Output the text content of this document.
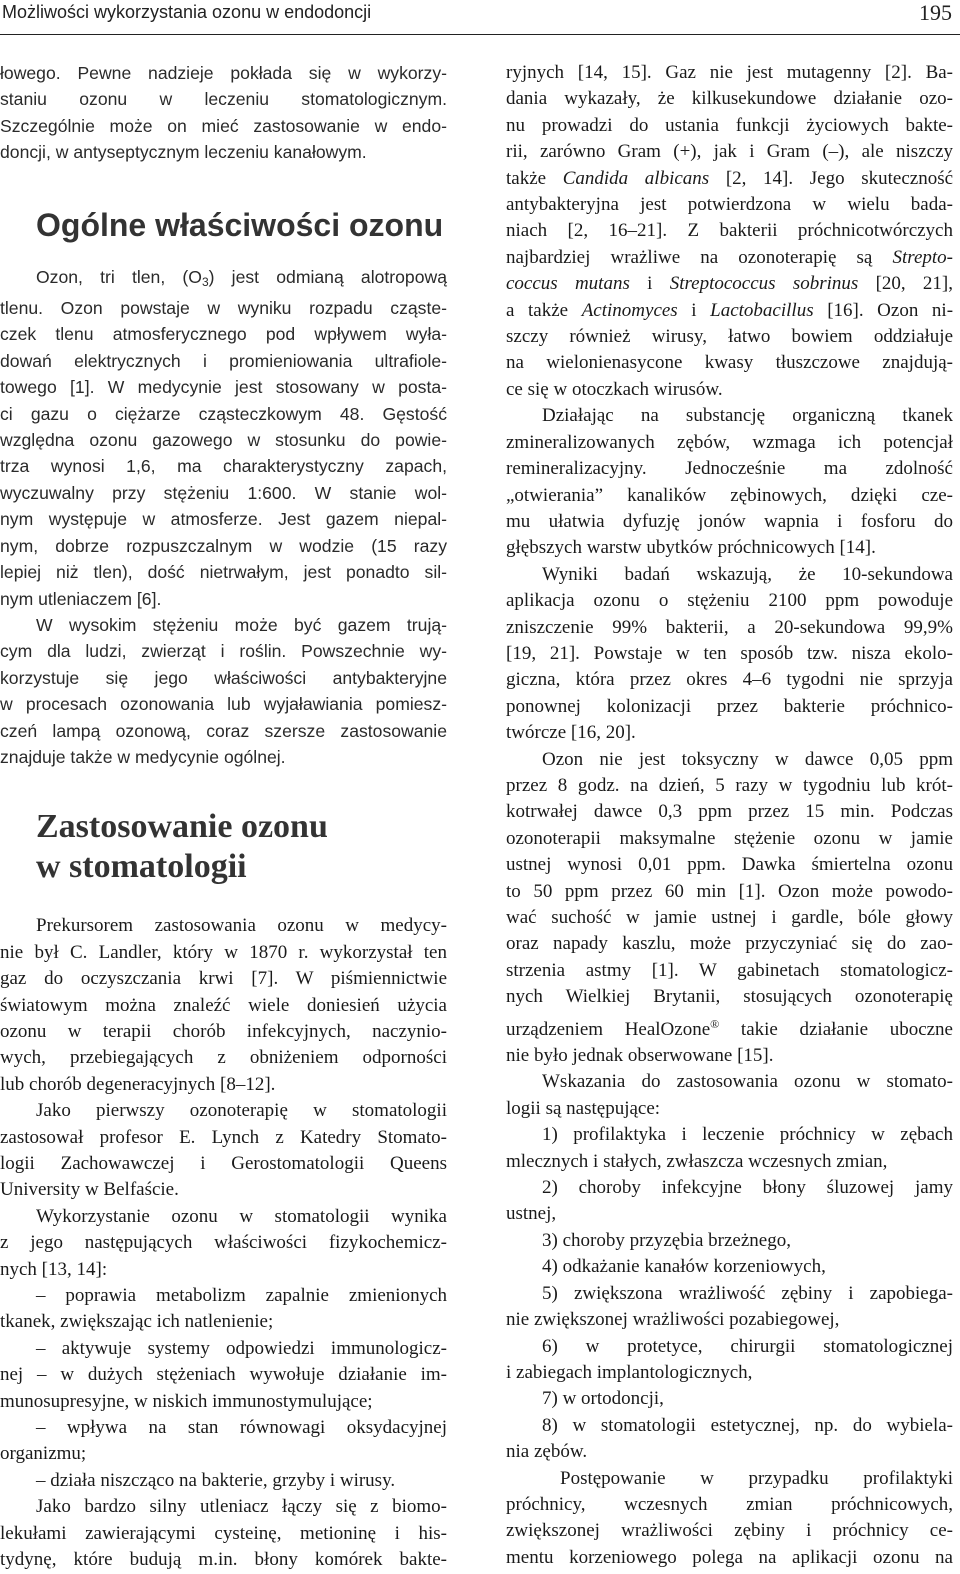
Możliwości wykorzystania ozonu w endodoncji	195
łowego. Pewne nadzieje pokłada się w wykorzy-
staniu ozonu w leczeniu stomatologicznym.
Szczególnie może on mieć zastosowanie w endo-
doncji, w antyseptycznym leczeniu kanałowym.
Ogólne właściwości ozonu
Ozon, tri tlen, $(O_3)$ jest odmianą alotropową
tlenu. Ozon powstaje w wyniku rozpadu cząste-
czek tlenu atmosferycznego pod wpływem wyła-
dowań elektrycznych i promieniowania ultrafiole-
towego [1]. W medycynie jest stosowany w posta-
ci gazu o ciężarze cząsteczkowym 48. Gęstość
względna ozonu gazowego w stosunku do powie-
trza wynosi 1,6, ma charakterystyczny zapach,
wyczuwalny przy stężeniu 1:600. W stanie wol-
nym występuje w atmosferze. Jest gazem niepal-
nym, dobrze rozpuszczalnym w wodzie (15 razy
lepiej niż tlen), dość nietrwałym, jest ponadto sil-
nym utleniaczem [6].
W wysokim stężeniu może być gazem trują-
cym dla ludzi, zwierząt i roślin. Powszechnie wy-
korzystuje się jego właściwości antybakteryjne
w procesach ozonowania lub wyjaławiania pomiesz-
czeń lampą ozonową, coraz szersze zastosowanie
znajduje także w medycynie ogólnej.
Zastosowanie ozonu
w stomatologii
Prekursorem zastosowania ozonu w medycy-
nie był C. Landler, który w 1870 r. wykorzystał ten
gaz do oczyszczania krwi [7]. W piśmiennictwie
światowym można znaleźć wiele doniesień użycia
ozonu w terapii chorób infekcyjnych, naczynio-
wych, przebiegających z obniżeniem odporności
lub chorób degeneracyjnych [8–12].
Jako pierwszy ozonoterapię w stomatologii
zastosował profesor E. Lynch z Katedry Stomato-
logii Zachowawczej i Gerostomatologii Queens
University w Belfaście.
Wykorzystanie ozonu w stomatologii wynika
z jego następujących właściwości fizykochemicz-
nych [13, 14]:
– poprawia metabolizm zapalnie zmienionych
tkanek, zwiększając ich natlenienie;
– aktywuje systemy odpowiedzi immunologicz-
nej – w dużych stężeniach wywołuje działanie im-
munosupresyjne, w niskich immunostymulujące;
– wpływa na stan równowagi oksydacyjnej
organizmu;
– działa niszcząco na bakterie, grzyby i wirusy.
Jako bardzo silny utleniacz łączy się z biomo-
lekułami zawierającymi cysteinę, metioninę i his-
tydynę, które budują m.in. błony komórek bakte-
ryjnych [14, 15]. Gaz nie jest mutagenny [2]. Ba-
dania wykazały, że kilkusekundowe działanie ozo-
nu prowadzi do ustania funkcji życiowych bakte-
rii, zarówno Gram (+), jak i Gram (–), ale niszczy
także Candida albicans [2, 14]. Jego skuteczność
antybakteryjna jest potwierdzona w wielu bada-
niach [2, 16–21]. Z bakterii próchnicotwórczych
najbardziej wrażliwe na ozonoterapię są Strepto-
coccus mutans i Streptococcus sobrinus [20, 21],
a także Actinomyces i Lactobacillus [16]. Ozon ni-
szczy również wirusy, łatwo bowiem oddziałuje
na wielonienasycone kwasy tłuszczowe znajdują-
ce się w otoczkach wirusów.
Działając na substancję organiczną tkanek
zmineralizowanych zębów, wzmaga ich potencjał
remineralizacyjny. Jednocześnie ma zdolność
„otwierania” kanalików zębinowych, dzięki cze-
mu ułatwia dyfuzję jonów wapnia i fosforu do
głębszych warstw ubytków próchnicowych [14].
Wyniki badań wskazują, że 10-sekundowa
aplikacja ozonu o stężeniu 2100 ppm powoduje
zniszczenie 99% bakterii, a 20-sekundowa 99,9%
[19, 21]. Powstaje w ten sposób tzw. nisza ekolo-
giczna, która przez okres 4–6 tygodni nie sprzyja
ponownej kolonizacji przez bakterie próchnico-
twórcze [16, 20].
Ozon nie jest toksyczny w dawce 0,05 ppm
przez 8 godz. na dzień, 5 razy w tygodniu lub krót-
kotrwałej dawce 0,3 ppm przez 15 min. Podczas
ozonoterapii maksymalne stężenie ozonu w jamie
ustnej wynosi 0,01 ppm. Dawka śmiertelna ozonu
to 50 ppm przez 60 min [1]. Ozon może powodo-
wać suchość w jamie ustnej i gardle, bóle głowy
oraz napady kaszlu, może przyczyniać się do zao-
strzenia astmy [1]. W gabinetach stomatologicz-
nych Wielkiej Brytanii, stosujących ozonoterapię
urządzeniem HealOzone® takie działanie uboczne
nie było jednak obserwowane [15].
Wskazania do zastosowania ozonu w stomato-
logii są następujące:
1) profilaktyka i leczenie próchnicy w zębach
mlecznych i stałych, zwłaszcza wczesnych zmian,
2) choroby infekcyjne błony śluzowej jamy
ustnej,
3) choroby przyzębia brzeżnego,
4) odkażanie kanałów korzeniowych,
5) zwiększona wrażliwość zębiny i zapobiega-
nie zwiększonej wrażliwości pozabiegowej,
6) w protetyce, chirurgii stomatologicznej
i zabiegach implantologicznych,
7) w ortodoncji,
8) w stomatologii estetycznej, np. do wybiela-
nia zębów.
Postępowanie w przypadku profilaktyki
próchnicy, wczesnych zmian próchnicowych,
zwiększonej wrażliwości zębiny i próchnicy ce-
mentu korzeniowego polega na aplikacji ozonu na
